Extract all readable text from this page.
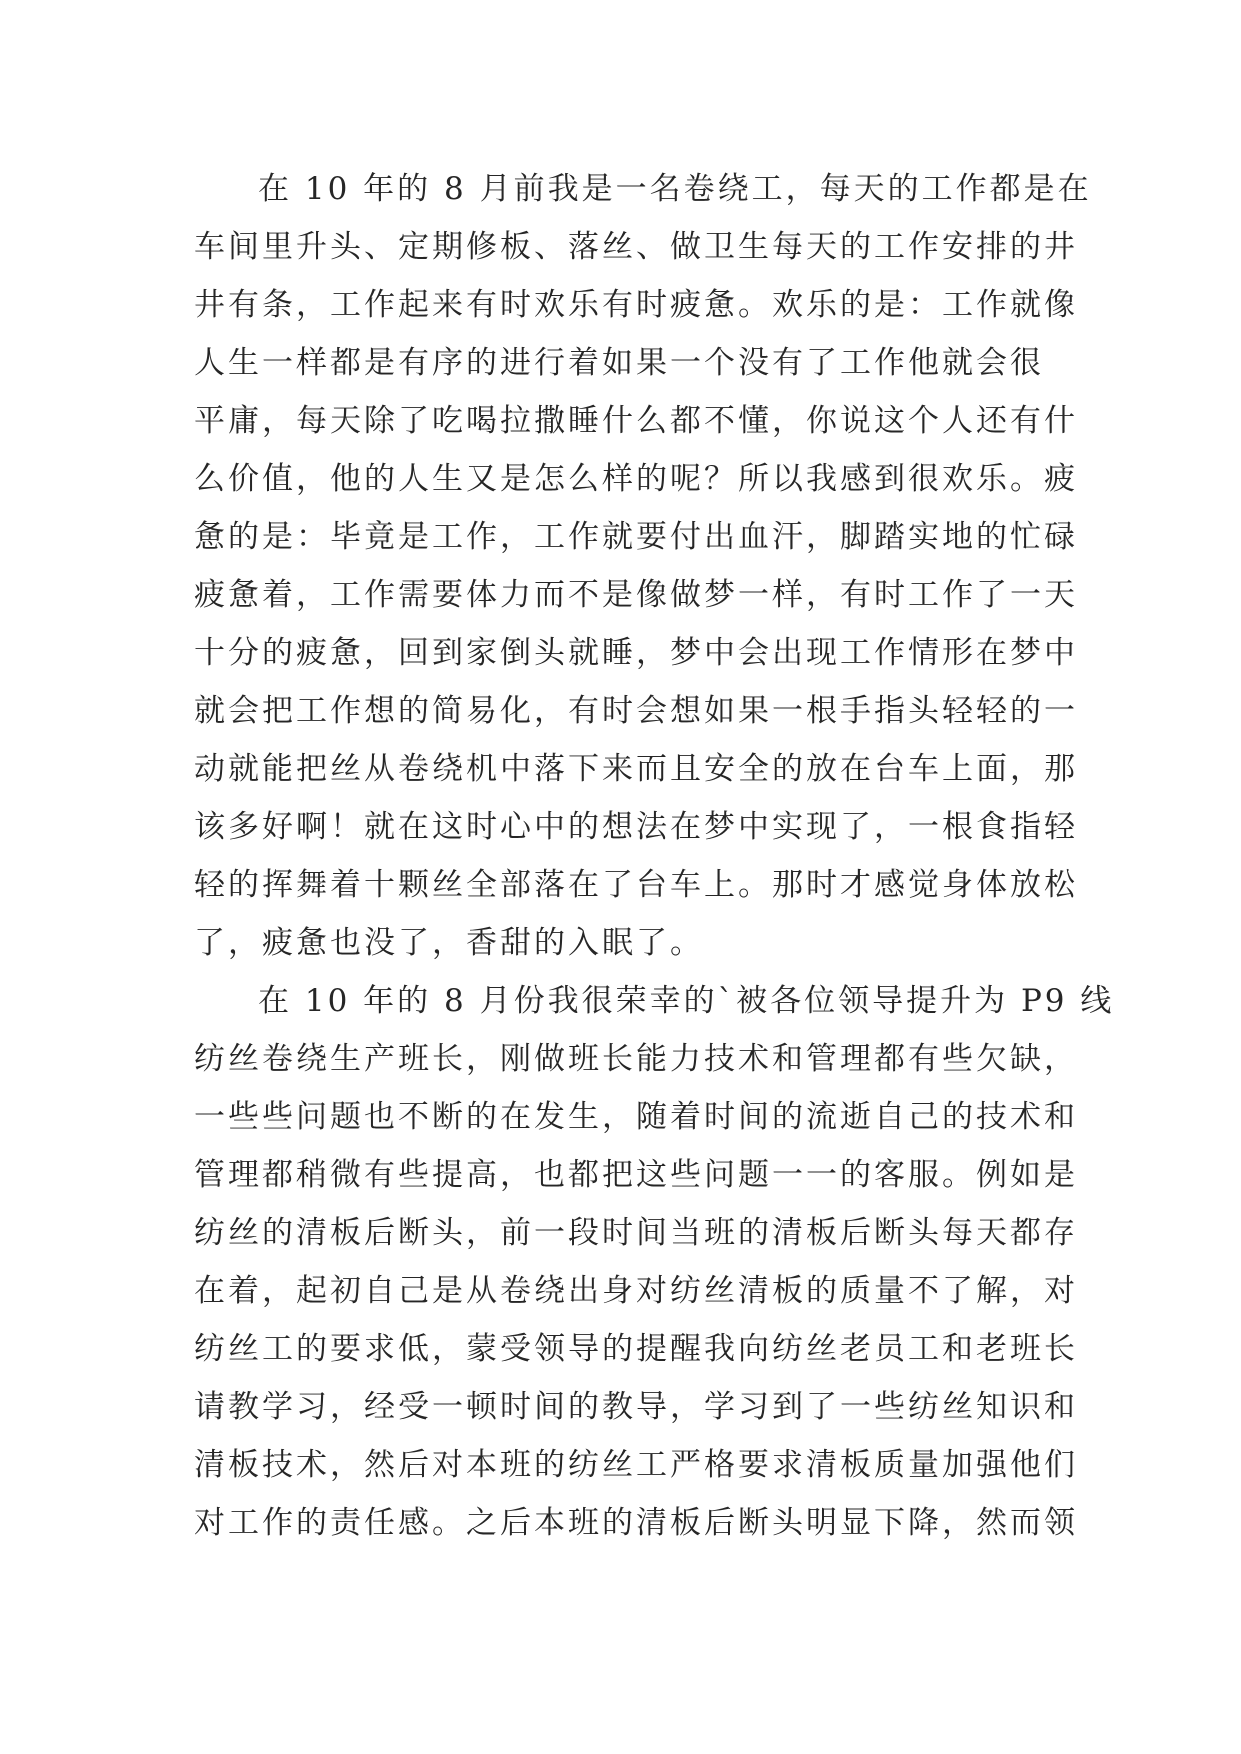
在 10 年的 8 月前我是一名卷绕工，每天的工作都是在
车间里升头、定期修板、落丝、做卫生每天的工作安排的井
井有条，工作起来有时欢乐有时疲惫。欢乐的是：工作就像
人生一样都是有序的进行着如果一个没有了工作他就会很
平庸，每天除了吃喝拉撒睡什么都不懂，你说这个人还有什
么价值，他的人生又是怎么样的呢？所以我感到很欢乐。疲
惫的是：毕竟是工作，工作就要付出血汗，脚踏实地的忙碌
疲惫着，工作需要体力而不是像做梦一样，有时工作了一天
十分的疲惫，回到家倒头就睡，梦中会出现工作情形在梦中
就会把工作想的简易化，有时会想如果一根手指头轻轻的一
动就能把丝从卷绕机中落下来而且安全的放在台车上面，那
该多好啊！就在这时心中的想法在梦中实现了，一根食指轻
轻的挥舞着十颗丝全部落在了台车上。那时才感觉身体放松
了，疲惫也没了，香甜的入眠了。
在 10 年的 8 月份我很荣幸的`被各位领导提升为 P9 线
纺丝卷绕生产班长，刚做班长能力技术和管理都有些欠缺，
一些些问题也不断的在发生，随着时间的流逝自己的技术和
管理都稍微有些提高，也都把这些问题一一的客服。例如是
纺丝的清板后断头，前一段时间当班的清板后断头每天都存
在着，起初自己是从卷绕出身对纺丝清板的质量不了解，对
纺丝工的要求低，蒙受领导的提醒我向纺丝老员工和老班长
请教学习，经受一顿时间的教导，学习到了一些纺丝知识和
清板技术，然后对本班的纺丝工严格要求清板质量加强他们
对工作的责任感。之后本班的清板后断头明显下降，然而领
